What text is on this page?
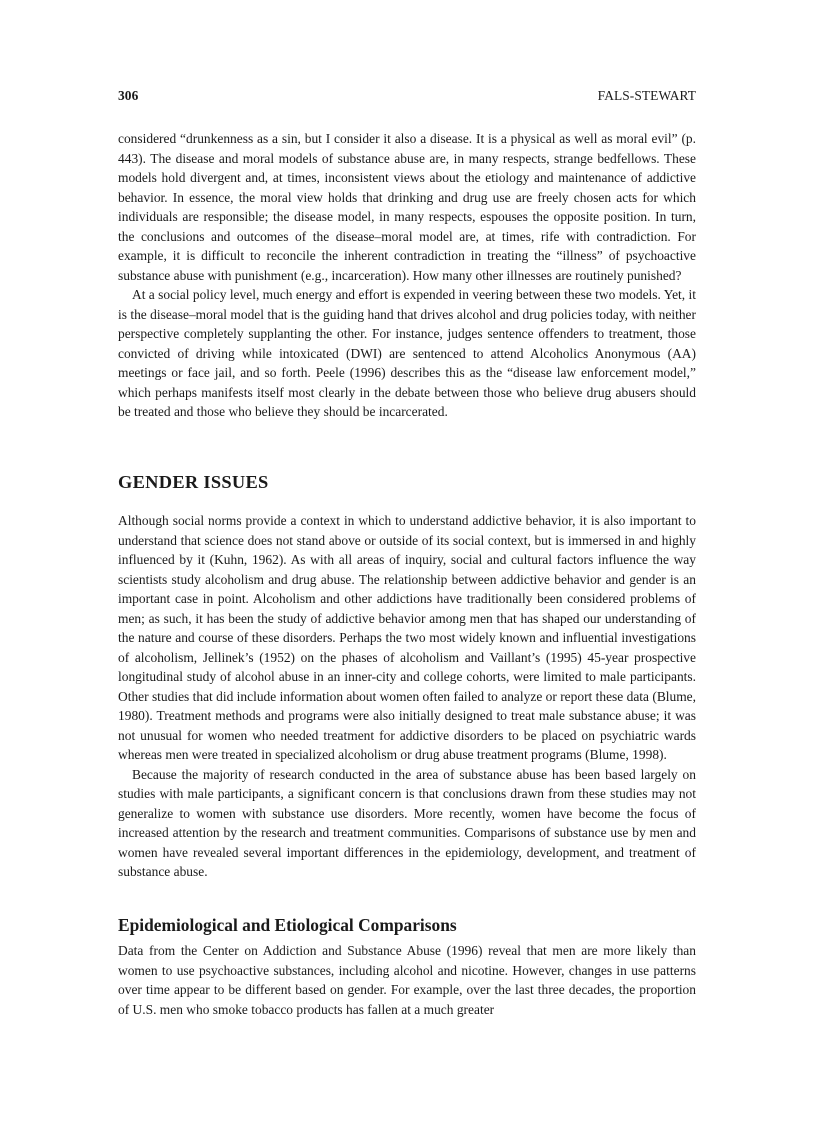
306	FALS-STEWART

considered “drunkenness as a sin, but I consider it also a disease. It is a physical as well as moral evil” (p. 443). The disease and moral models of substance abuse are, in many respects, strange bedfellows. These models hold divergent and, at times, inconsistent views about the etiology and maintenance of addictive behavior. In essence, the moral view holds that drinking and drug use are freely chosen acts for which individuals are responsible; the disease model, in many respects, espouses the opposite position. In turn, the conclusions and outcomes of the disease–moral model are, at times, rife with contradiction. For example, it is difficult to reconcile the inherent contradiction in treating the “illness” of psychoactive substance abuse with punishment (e.g., incarceration). How many other illnesses are routinely punished?

At a social policy level, much energy and effort is expended in veering between these two models. Yet, it is the disease–moral model that is the guiding hand that drives alcohol and drug policies today, with neither perspective completely supplanting the other. For instance, judges sentence offenders to treatment, those convicted of driving while intoxicated (DWI) are sentenced to attend Alcoholics Anonymous (AA) meetings or face jail, and so forth. Peele (1996) describes this as the “disease law enforcement model,” which perhaps manifests itself most clearly in the debate between those who believe drug abusers should be treated and those who believe they should be incarcerated.

GENDER ISSUES

Although social norms provide a context in which to understand addictive behavior, it is also important to understand that science does not stand above or outside of its social context, but is immersed in and highly influenced by it (Kuhn, 1962). As with all areas of inquiry, social and cultural factors influence the way scientists study alcoholism and drug abuse. The relationship between addictive behavior and gender is an important case in point. Alcoholism and other addictions have traditionally been considered problems of men; as such, it has been the study of addictive behavior among men that has shaped our understanding of the nature and course of these disorders. Perhaps the two most widely known and influential investigations of alcoholism, Jellinek’s (1952) on the phases of alcoholism and Vaillant’s (1995) 45-year prospective longitudinal study of alcohol abuse in an inner-city and college cohorts, were limited to male participants. Other studies that did include information about women often failed to analyze or report these data (Blume, 1980). Treatment methods and programs were also initially designed to treat male substance abuse; it was not unusual for women who needed treatment for addictive disorders to be placed on psychiatric wards whereas men were treated in specialized alcoholism or drug abuse treatment programs (Blume, 1998).

Because the majority of research conducted in the area of substance abuse has been based largely on studies with male participants, a significant concern is that conclusions drawn from these studies may not generalize to women with substance use disorders. More recently, women have become the focus of increased attention by the research and treatment communities. Comparisons of substance use by men and women have revealed several important differences in the epidemiology, development, and treatment of substance abuse.

Epidemiological and Etiological Comparisons

Data from the Center on Addiction and Substance Abuse (1996) reveal that men are more likely than women to use psychoactive substances, including alcohol and nicotine. However, changes in use patterns over time appear to be different based on gender. For example, over the last three decades, the proportion of U.S. men who smoke tobacco products has fallen at a much greater
